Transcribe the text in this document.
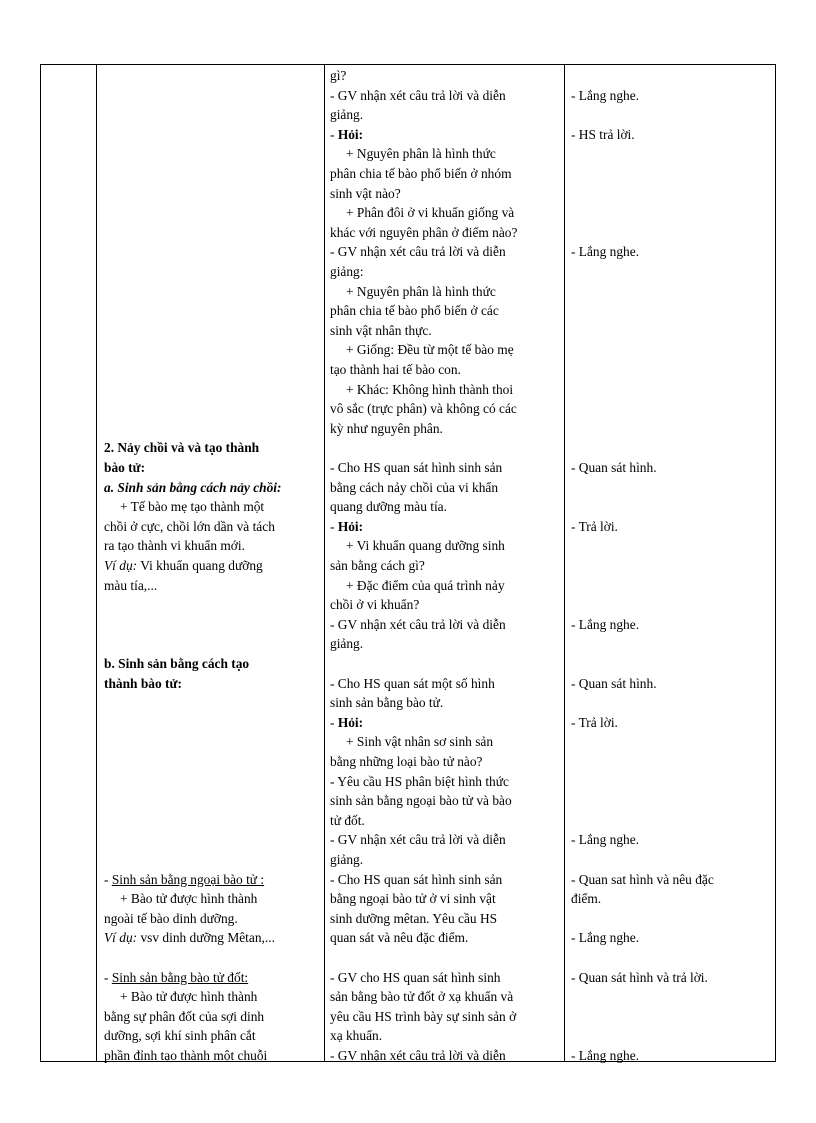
2. Nảy chồi và và tạo thành

bào tử:

a. Sinh sản bằng cách nảy chồi:

+ Tế bào mẹ tạo thành một

chồi ở cực, chồi lớn dần và tách

ra tạo thành vi khuẩn mới.

Ví dụ: Vi khuẩn quang dưỡng

màu tía,...

b. Sinh sản bằng cách tạo

thành bào tử:

- Sinh sản bằng ngoại bào tử :

+ Bào tử được hình thành

ngoài tế bào dinh dưỡng.

Ví dụ: vsv dinh dưỡng Mêtan,...

- Sinh sản bằng bào tử đốt:

+ Bào tử được hình thành

bằng sự phân đốt của sợi dinh

dưỡng, sợi khí sinh phân cắt

phần đỉnh tạo thành một chuỗi

gì?

- GV nhận xét câu trả lời và diễn

giảng.

- Hỏi:

+ Nguyên phân là hình thức

phân chia tế bào phổ biến ở nhóm

sinh vật nào?

+ Phân đôi ở vi khuẩn giống và

khác với nguyên phân ở điểm nào?

- GV nhận xét câu trả lời và diễn

giảng:

+ Nguyên phân là hình thức

phân chia tế bào phổ biến ở các

sinh vật nhân thực.

+ Giống: Đều từ một tế bào mẹ

tạo thành hai tế bào con.

+ Khác: Không hình thành thoi

vô sắc (trực phân) và không có các

kỳ như nguyên phân.

- Cho HS quan sát hình sinh sản

bằng cách nảy chồi của vi khẩn

quang dưỡng màu tía.

- Hỏi:

+ Vi khuẩn quang dưỡng sinh

sản bằng cách gì?

+ Đặc điểm của quá trình nảy

chồi ở vi khuẩn?

- GV nhận xét câu trả lời và diễn

giảng.

- Cho HS quan sát một số hình

sinh sản bằng bào tử.

- Hỏi:

+ Sinh vật nhân sơ sinh sản

bằng những loại bào tử nào?

- Yêu cầu HS phân biệt hình thức

sinh sản bằng ngoại bào tử và bào

tử đốt.

- GV nhận xét câu trả lời và diễn

giảng.

- Cho HS quan sát hình sinh sản

bằng ngoại bào tử ở vi sinh vật

sinh dưỡng mêtan. Yêu cầu HS

quan sát và nêu đặc điểm.

- GV cho HS quan sát hình sinh

sản bằng bào tử đốt ở xạ khuẩn và

yêu cầu HS trình bày sự sinh sản ở

xạ khuẩn.

- GV nhận xét câu trả lời và diễn

- Lắng nghe.

- HS trả lời.

- Lắng nghe.

- Quan sát hình.

- Trả lời.

- Lắng nghe.

- Quan sát hình.

- Trả lời.

- Lắng nghe.

- Quan sat hình và nêu đặc

điểm.

- Lắng nghe.

- Quan sát hình và trả lời.

- Lắng nghe.
